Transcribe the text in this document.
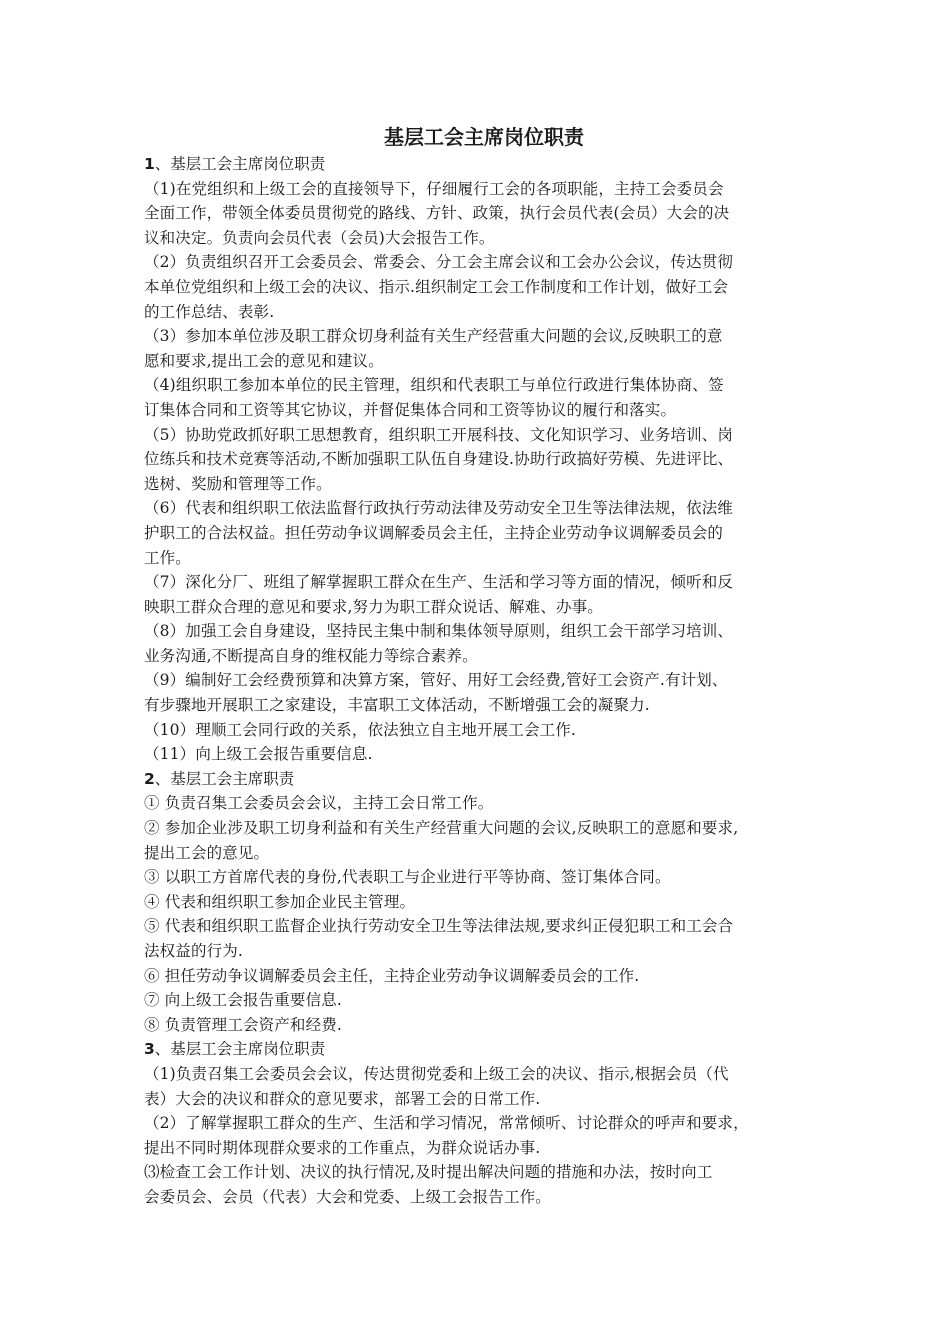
基层工会主席岗位职责

1、基层工会主席岗位职责

（1)在党组织和上级工会的直接领导下，仔细履行工会的各项职能，主持工会委员会

全面工作，带领全体委员贯彻党的路线、方针、政策，执行会员代表(会员）大会的决

议和决定。负责向会员代表（会员)大会报告工作。

（2）负责组织召开工会委员会、常委会、分工会主席会议和工会办公会议，传达贯彻

本单位党组织和上级工会的决议、指示.组织制定工会工作制度和工作计划，做好工会

的工作总结、表彰.

（3）参加本单位涉及职工群众切身利益有关生产经营重大问题的会议,反映职工的意

愿和要求,提出工会的意见和建议。

（4)组织职工参加本单位的民主管理，组织和代表职工与单位行政进行集体协商、签

订集体合同和工资等其它协议，并督促集体合同和工资等协议的履行和落实。

（5）协助党政抓好职工思想教育，组织职工开展科技、文化知识学习、业务培训、岗

位练兵和技术竞赛等活动,不断加强职工队伍自身建设.协助行政搞好劳模、先进评比、

选树、奖励和管理等工作。

（6）代表和组织职工依法监督行政执行劳动法律及劳动安全卫生等法律法规，依法维

护职工的合法权益。担任劳动争议调解委员会主任，主持企业劳动争议调解委员会的

工作。

（7）深化分厂、班组了解掌握职工群众在生产、生活和学习等方面的情况，倾听和反

映职工群众合理的意见和要求,努力为职工群众说话、解难、办事。

（8）加强工会自身建设，坚持民主集中制和集体领导原则，组织工会干部学习培训、

业务沟通,不断提高自身的维权能力等综合素养。

（9）编制好工会经费预算和决算方案，管好、用好工会经费,管好工会资产.有计划、

有步骤地开展职工之家建设，丰富职工文体活动，不断增强工会的凝聚力.

（10）理顺工会同行政的关系，依法独立自主地开展工会工作.

（11）向上级工会报告重要信息.

2、基层工会主席职责

① 负责召集工会委员会会议，主持工会日常工作。

② 参加企业涉及职工切身利益和有关生产经营重大问题的会议,反映职工的意愿和要求,

提出工会的意见。

③ 以职工方首席代表的身份,代表职工与企业进行平等协商、签订集体合同。

④ 代表和组织职工参加企业民主管理。

⑤ 代表和组织职工监督企业执行劳动安全卫生等法律法规,要求纠正侵犯职工和工会合

法权益的行为.

⑥ 担任劳动争议调解委员会主任，主持企业劳动争议调解委员会的工作.

⑦ 向上级工会报告重要信息.

⑧ 负责管理工会资产和经费.

3、基层工会主席岗位职责

（1)负责召集工会委员会会议，传达贯彻党委和上级工会的决议、指示,根据会员（代

表）大会的决议和群众的意见要求，部署工会的日常工作.

（2）了解掌握职工群众的生产、生活和学习情况，常常倾听、讨论群众的呼声和要求，

提出不同时期体现群众要求的工作重点，为群众说话办事.

⑶检查工会工作计划、决议的执行情况,及时提出解决问题的措施和办法，按时向工

会委员会、会员（代表）大会和党委、上级工会报告工作。
